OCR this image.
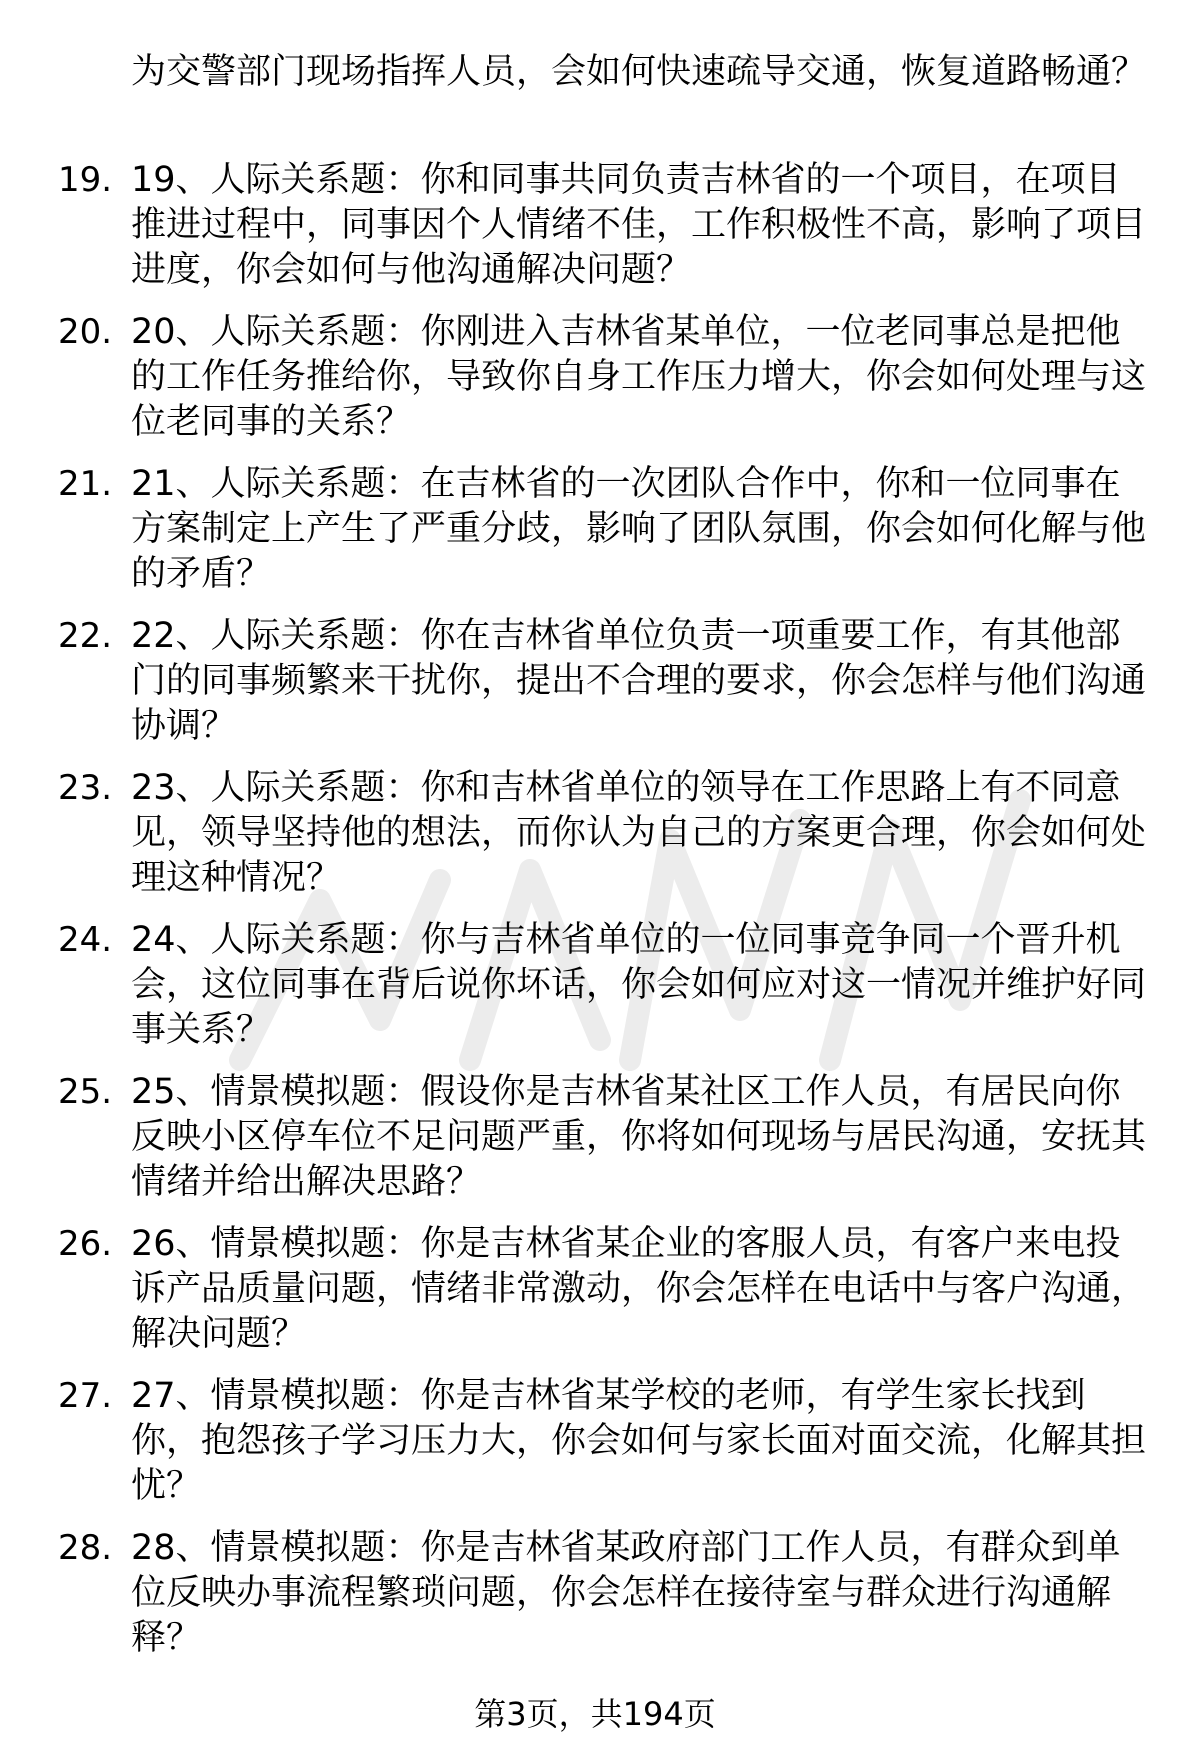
为交警部门现场指挥人员，会如何快速疏导交通，恢复道路畅通？

19. 19、人际关系题：你和同事共同负责吉林省的一个项目，在项目推进过程中，同事因个人情绪不佳，工作积极性不高，影响了项目进度，你会如何与他沟通解决问题？

20. 20、人际关系题：你刚进入吉林省某单位，一位老同事总是把他的工作任务推给你，导致你自身工作压力增大，你会如何处理与这位老同事的关系？

21. 21、人际关系题：在吉林省的一次团队合作中，你和一位同事在方案制定上产生了严重分歧，影响了团队氛围，你会如何化解与他的矛盾？

22. 22、人际关系题：你在吉林省单位负责一项重要工作，有其他部门的同事频繁来干扰你，提出不合理的要求，你会怎样与他们沟通协调？

23. 23、人际关系题：你和吉林省单位的领导在工作思路上有不同意见，领导坚持他的想法，而你认为自己的方案更合理，你会如何处理这种情况？

24. 24、人际关系题：你与吉林省单位的一位同事竞争同一个晋升机会，这位同事在背后说你坏话，你会如何应对这一情况并维护好同事关系？

25. 25、情景模拟题：假设你是吉林省某社区工作人员，有居民向你反映小区停车位不足问题严重，你将如何现场与居民沟通，安抚其情绪并给出解决思路？

26. 26、情景模拟题：你是吉林省某企业的客服人员，有客户来电投诉产品质量问题，情绪非常激动，你会怎样在电话中与客户沟通，解决问题？

27. 27、情景模拟题：你是吉林省某学校的老师，有学生家长找到你，抱怨孩子学习压力大，你会如何与家长面对面交流，化解其担忧？

28. 28、情景模拟题：你是吉林省某政府部门工作人员，有群众到单位反映办事流程繁琐问题，你会怎样在接待室与群众进行沟通解释？

第3页，共194页
